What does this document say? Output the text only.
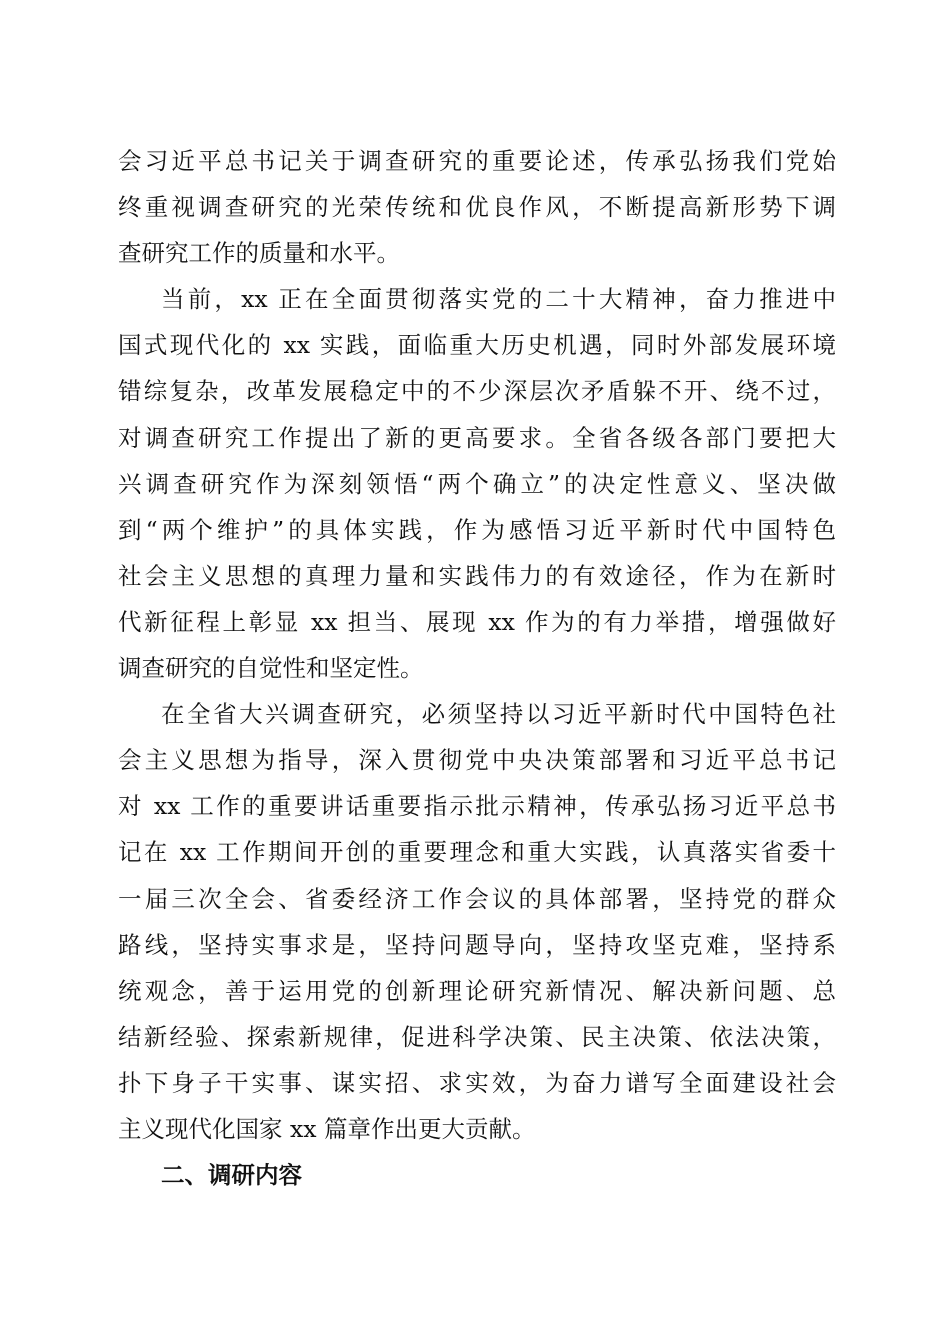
会习近平总书记关于调查研究的重要论述，传承弘扬我们党始
终重视调查研究的光荣传统和优良作风，不断提高新形势下调
查研究工作的质量和水平。
当前，xx 正在全面贯彻落实党的二十大精神，奋力推进中
国式现代化的 xx 实践，面临重大历史机遇，同时外部发展环境
错综复杂，改革发展稳定中的不少深层次矛盾躲不开、绕不过，
对调查研究工作提出了新的更高要求。全省各级各部门要把大
兴调查研究作为深刻领悟“两个确立”的决定性意义、坚决做
到“两个维护”的具体实践，作为感悟习近平新时代中国特色
社会主义思想的真理力量和实践伟力的有效途径，作为在新时
代新征程上彰显 xx 担当、展现 xx 作为的有力举措，增强做好
调查研究的自觉性和坚定性。
在全省大兴调查研究，必须坚持以习近平新时代中国特色社
会主义思想为指导，深入贯彻党中央决策部署和习近平总书记
对 xx 工作的重要讲话重要指示批示精神，传承弘扬习近平总书
记在 xx 工作期间开创的重要理念和重大实践，认真落实省委十
一届三次全会、省委经济工作会议的具体部署，坚持党的群众
路线，坚持实事求是，坚持问题导向，坚持攻坚克难，坚持系
统观念，善于运用党的创新理论研究新情况、解决新问题、总
结新经验、探索新规律，促进科学决策、民主决策、依法决策，
扑下身子干实事、谋实招、求实效，为奋力谱写全面建设社会
主义现代化国家 xx 篇章作出更大贡献。
二、调研内容
